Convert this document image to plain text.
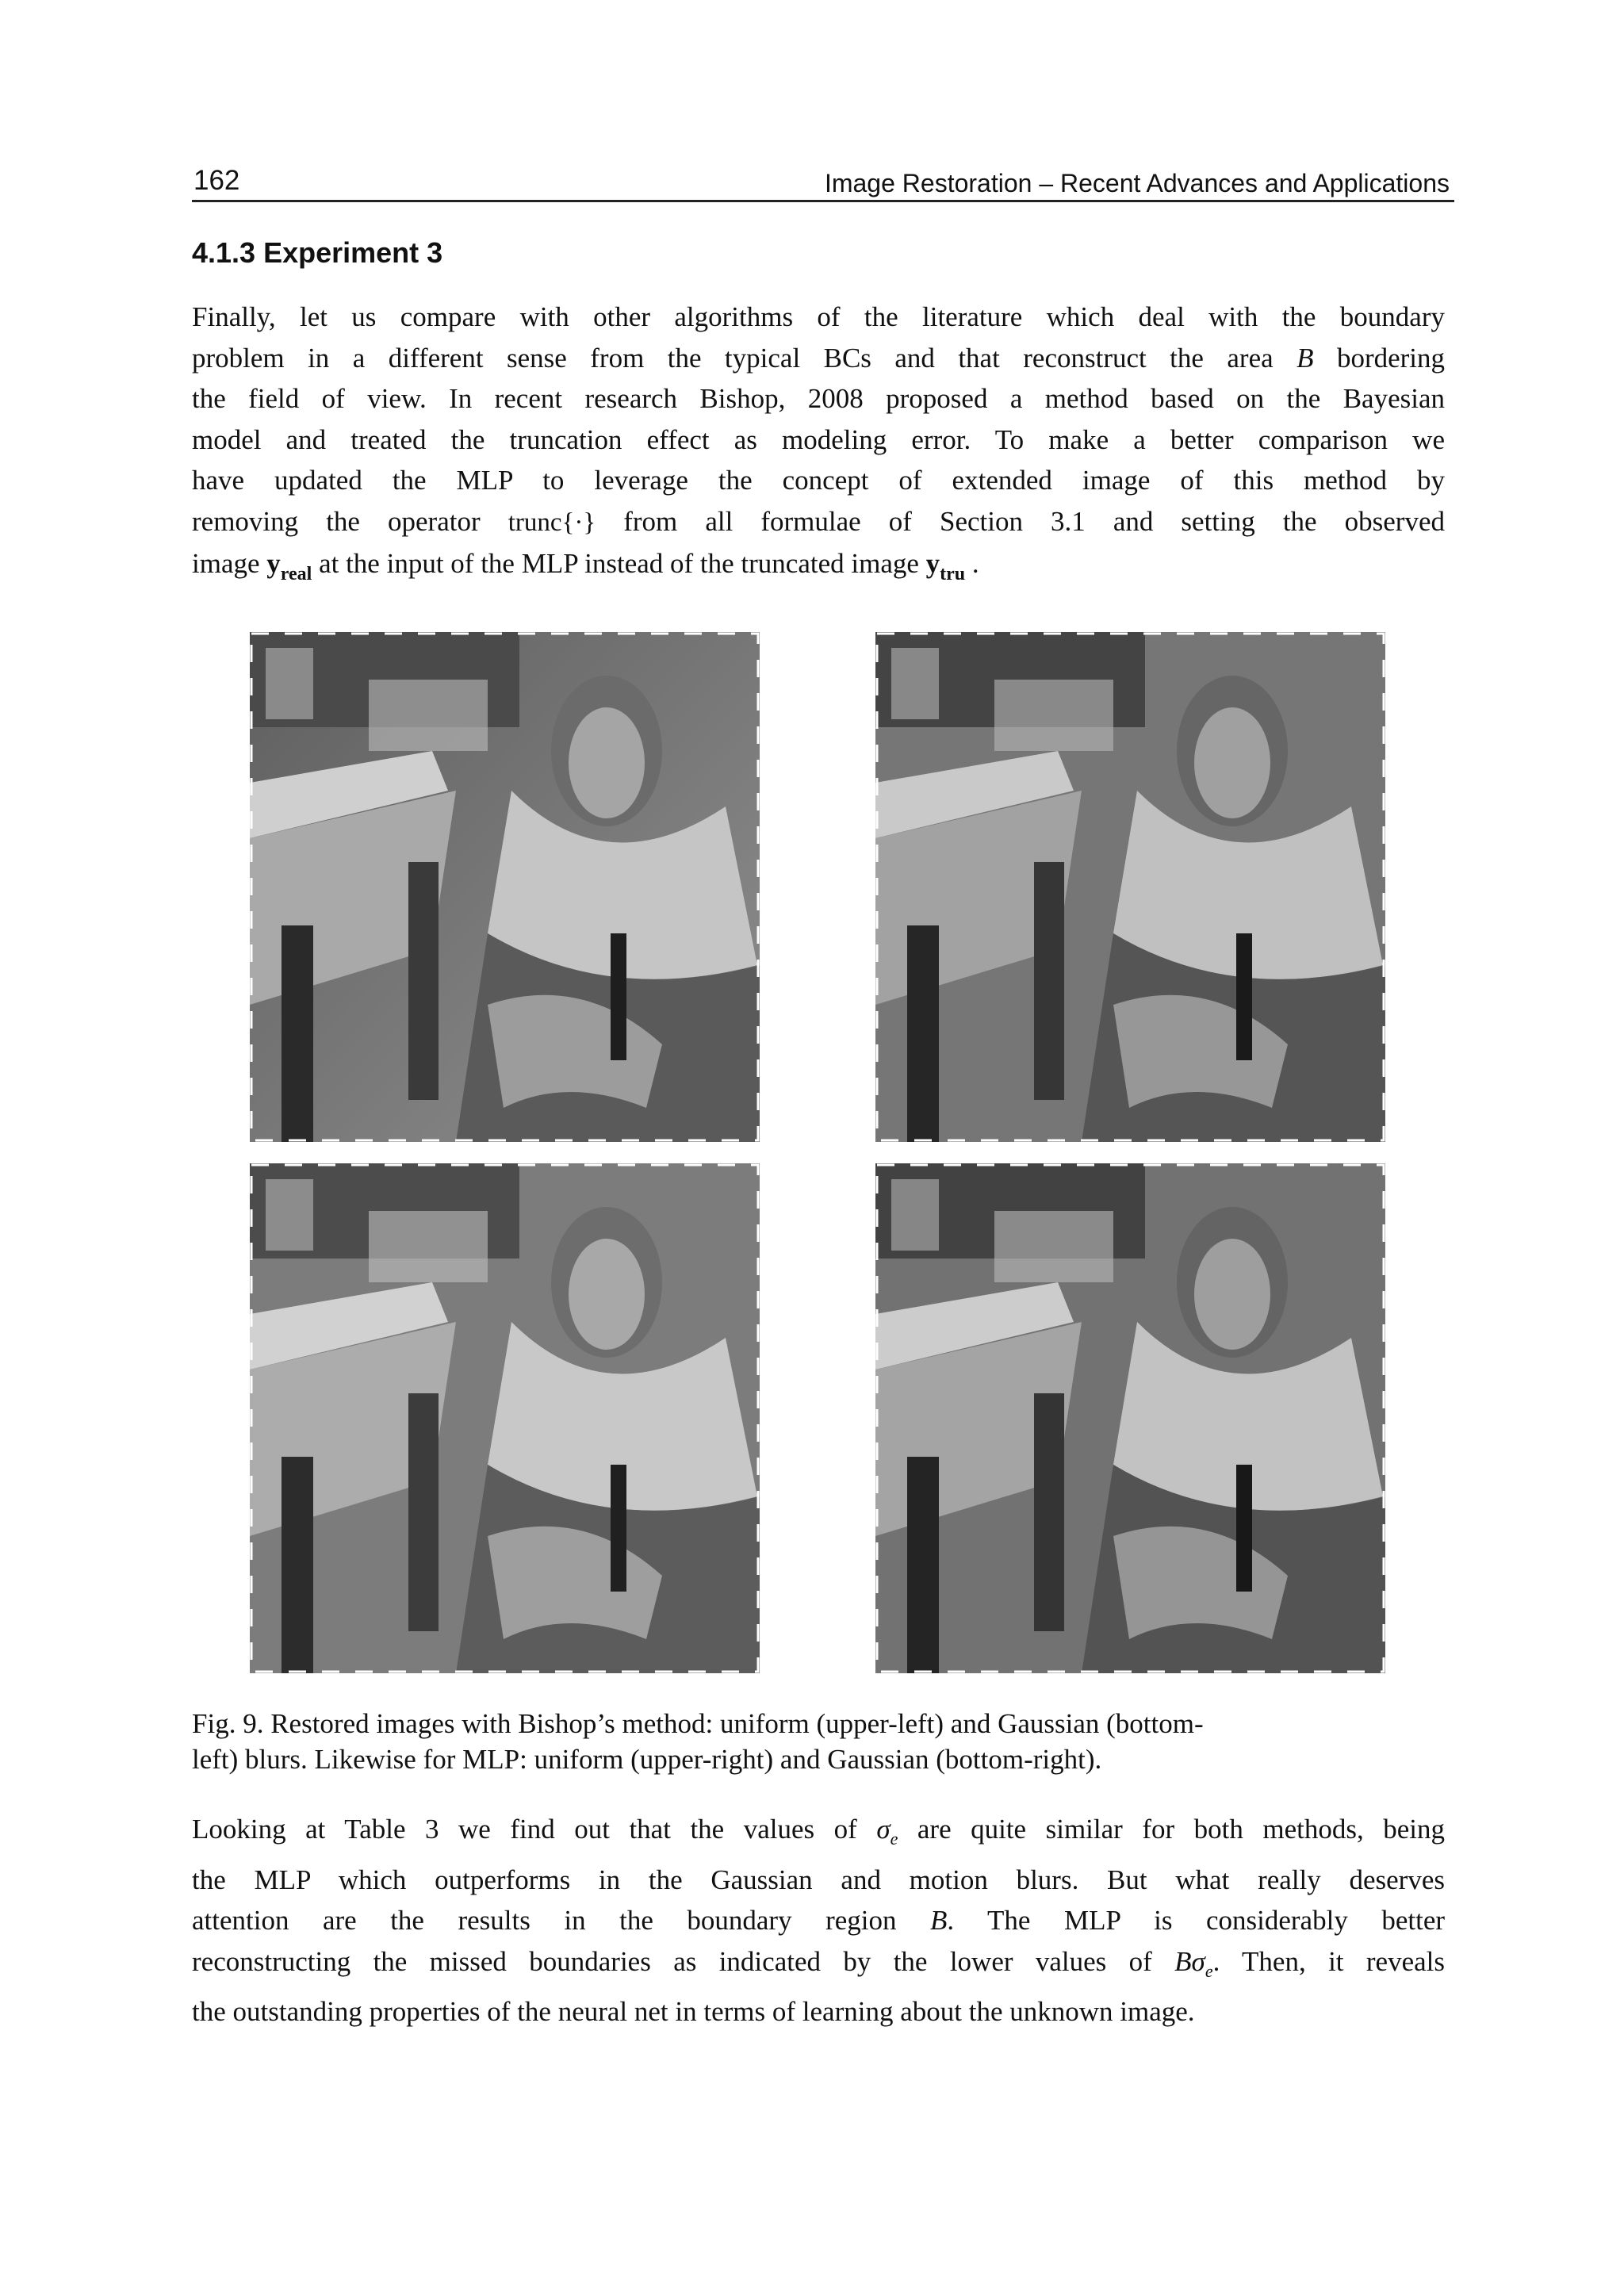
162	Image Restoration – Recent Advances and Applications
4.1.3 Experiment 3

Finally, let us compare with other algorithms of the literature which deal with the boundary
problem in a different sense from the typical BCs and that reconstruct the area B bordering
the field of view. In recent research Bishop, 2008 proposed a method based on the Bayesian
model and treated the truncation effect as modeling error. To make a better comparison we
have updated the MLP to leverage the concept of extended image of this method by
removing the operator trunc{·} from all formulae of Section 3.1 and setting the observed
image $y_{real}$ at the input of the MLP instead of the truncated image $y_{tru}$ .

Fig. 9. Restored images with Bishop’s method: uniform (upper-left) and Gaussian (bottom-
left) blurs. Likewise for MLP: uniform (upper-right) and Gaussian (bottom-right).

Looking at Table 3 we find out that the values of $\sigma_e$ are quite similar for both methods, being
the MLP which outperforms in the Gaussian and motion blurs. But what really deserves
attention are the results in the boundary region B. The MLP is considerably better
reconstructing the missed boundaries as indicated by the lower values of $B\sigma_e$. Then, it reveals
the outstanding properties of the neural net in terms of learning about the unknown image.
